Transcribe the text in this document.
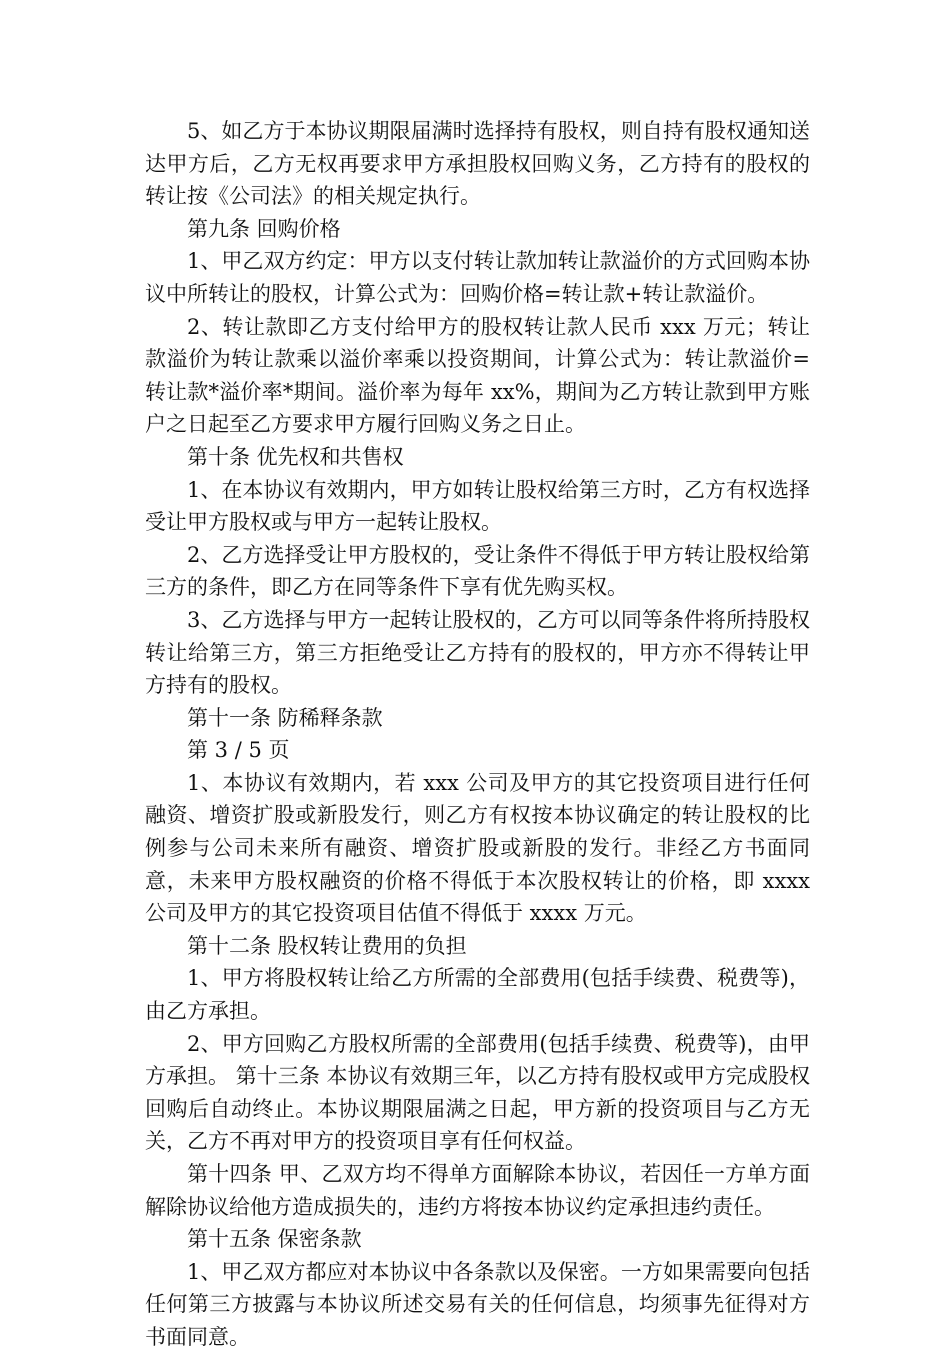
5、如乙方于本协议期限届满时选择持有股权，则自持有股权通知送达甲方后，乙方无权再要求甲方承担股权回购义务，乙方持有的股权的转让按《公司法》的相关规定执行。

第九条 回购价格

1、甲乙双方约定：甲方以支付转让款加转让款溢价的方式回购本协议中所转让的股权，计算公式为：回购价格=转让款+转让款溢价。

2、转让款即乙方支付给甲方的股权转让款人民币 xxx 万元；转让款溢价为转让款乘以溢价率乘以投资期间，计算公式为：转让款溢价=转让款*溢价率*期间。溢价率为每年 xx%，期间为乙方转让款到甲方账户之日起至乙方要求甲方履行回购义务之日止。

第十条 优先权和共售权

1、在本协议有效期内，甲方如转让股权给第三方时，乙方有权选择受让甲方股权或与甲方一起转让股权。

2、乙方选择受让甲方股权的，受让条件不得低于甲方转让股权给第三方的条件，即乙方在同等条件下享有优先购买权。

3、乙方选择与甲方一起转让股权的，乙方可以同等条件将所持股权转让给第三方，第三方拒绝受让乙方持有的股权的，甲方亦不得转让甲方持有的股权。

第十一条 防稀释条款

第 3 / 5 页

1、本协议有效期内，若 xxx 公司及甲方的其它投资项目进行任何融资、增资扩股或新股发行，则乙方有权按本协议确定的转让股权的比例参与公司未来所有融资、增资扩股或新股的发行。非经乙方书面同意，未来甲方股权融资的价格不得低于本次股权转让的价格，即 xxxx 公司及甲方的其它投资项目估值不得低于 xxxx 万元。

第十二条 股权转让费用的负担

1、甲方将股权转让给乙方所需的全部费用(包括手续费、税费等)，由乙方承担。

2、甲方回购乙方股权所需的全部费用(包括手续费、税费等)，由甲方承担。 第十三条 本协议有效期三年，以乙方持有股权或甲方完成股权回购后自动终止。本协议期限届满之日起，甲方新的投资项目与乙方无关，乙方不再对甲方的投资项目享有任何权益。

第十四条 甲、乙双方均不得单方面解除本协议，若因任一方单方面解除协议给他方造成损失的，违约方将按本协议约定承担违约责任。

第十五条 保密条款

1、甲乙双方都应对本协议中各条款以及保密。一方如果需要向包括任何第三方披露与本协议所述交易有关的任何信息，均须事先征得对方书面同意。
